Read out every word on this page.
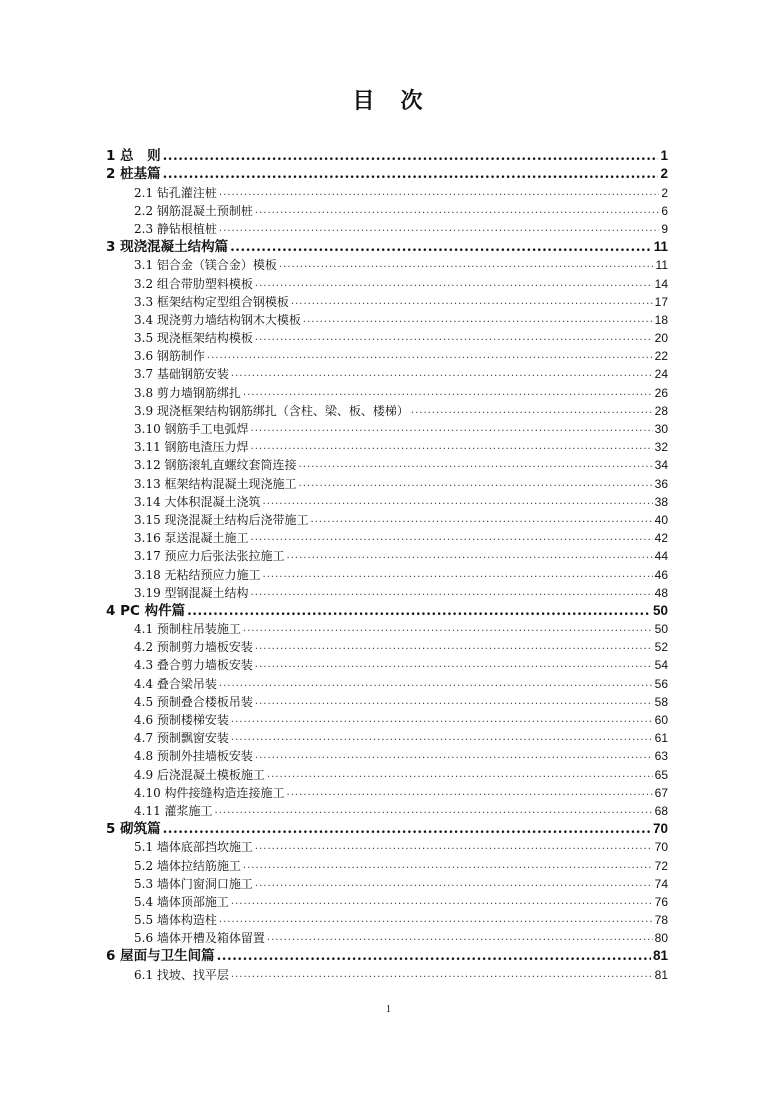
目　次
1 总　则 .....	1
2 桩基篇 .....	2
2.1 钻孔灌注桩 .....	2
2.2 钢筋混凝土预制桩 .....	6
2.3 静钻根植桩 .....	9
3 现浇混凝土结构篇 .....	11
3.1 铝合金（镁合金）模板 .....	11
3.2 组合带肋塑料模板 .....	14
3.3 框架结构定型组合钢模板 .....	17
3.4 现浇剪力墙结构钢木大模板 .....	18
3.5 现浇框架结构模板 .....	20
3.6 钢筋制作 .....	22
3.7 基础钢筋安装 .....	24
3.8 剪力墙钢筋绑扎 .....	26
3.9 现浇框架结构钢筋绑扎（含柱、梁、板、楼梯） .....	28
3.10 钢筋手工电弧焊 .....	30
3.11 钢筋电渣压力焊 .....	32
3.12 钢筋滚轧直螺纹套筒连接 .....	34
3.13 框架结构混凝土现浇施工 .....	36
3.14 大体积混凝土浇筑 .....	38
3.15 现浇混凝土结构后浇带施工 .....	40
3.16 泵送混凝土施工 .....	42
3.17 预应力后张法张拉施工 .....	44
3.18 无粘结预应力施工 .....	46
3.19 型钢混凝土结构 .....	48
4 PC 构件篇 .....	50
4.1 预制柱吊装施工 .....	50
4.2 预制剪力墙板安装 .....	52
4.3 叠合剪力墙板安装 .....	54
4.4 叠合梁吊装 .....	56
4.5 预制叠合楼板吊装 .....	58
4.6 预制楼梯安装 .....	60
4.7 预制飘窗安装 .....	61
4.8 预制外挂墙板安装 .....	63
4.9 后浇混凝土模板施工 .....	65
4.10 构件接缝构造连接施工 .....	67
4.11 灌浆施工 .....	68
5 砌筑篇 .....	70
5.1 墙体底部挡坎施工 .....	70
5.2 墙体拉结筋施工 .....	72
5.3 墙体门窗洞口施工 .....	74
5.4 墙体顶部施工 .....	76
5.5 墙体构造柱 .....	78
5.6 墙体开槽及箱体留置 .....	80
6 屋面与卫生间篇 .....	81
6.1 找坡、找平层 .....	81
1
